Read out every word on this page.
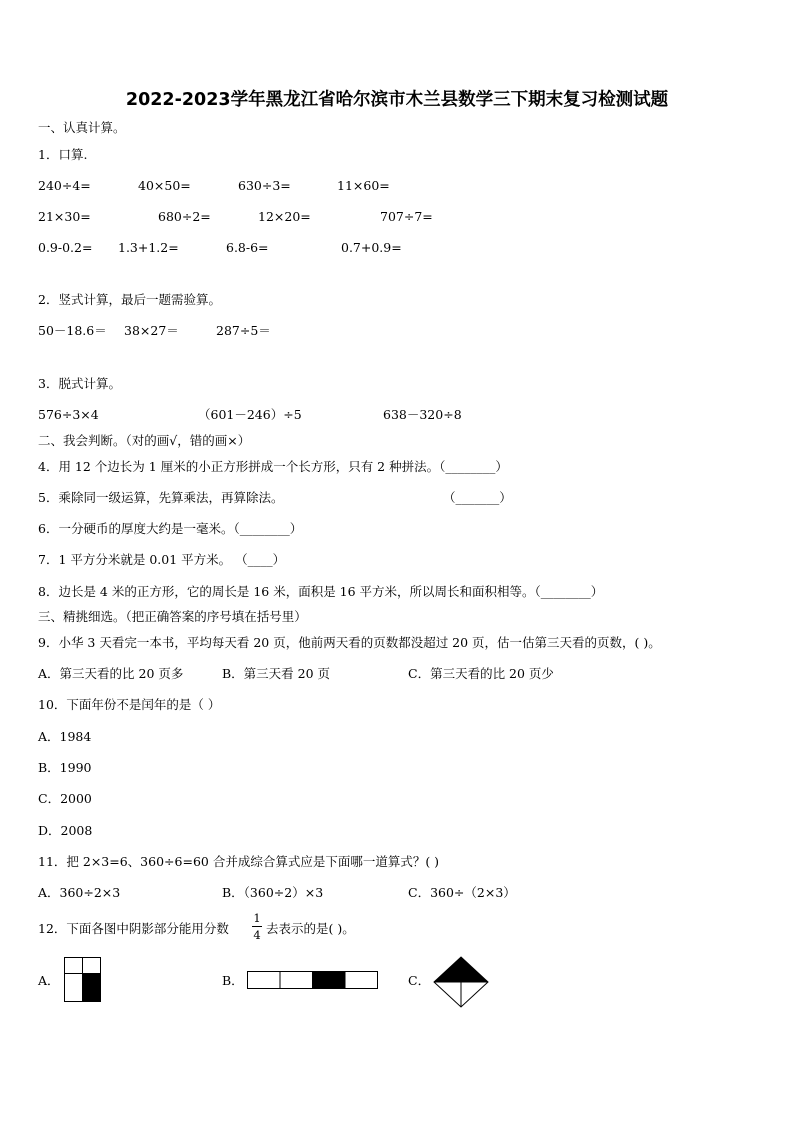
2022-2023学年黑龙江省哈尔滨市木兰县数学三下期末复习检测试题
一、认真计算。
1．口算.
240÷4=	40×50=	630÷3=	11×60=
21×30=	680÷2=	12×20=	707÷7=
0.9-0.2= 1.3+1.2=	6.8-6=	0.7+0.9=
2．竖式计算，最后一题需验算。
50－18.6＝ 38×27＝	287÷5＝
3．脱式计算。
576÷3×4	（601－246）÷5	638－320÷8
二、我会判断。（对的画√，错的画×）
4．用 12 个边长为 1 厘米的小正方形拼成一个长方形，只有 2 种拼法。（________）
5．乘除同一级运算，先算乘法，再算除法。	（_______）
6．一分硬币的厚度大约是一毫米。（________）
7．1 平方分米就是 0.01 平方米。 （____）
8．边长是 4 米的正方形，它的周长是 16 米，面积是 16 平方米，所以周长和面积相等。（________）
三、精挑细选。（把正确答案的序号填在括号里）
9．小华 3 天看完一本书，平均每天看 20 页，他前两天看的页数都没超过 20 页，估一估第三天看的页数，( )。
A．第三天看的比 20 页多	B．第三天看 20 页	C．第三天看的比 20 页少
10．下面年份不是闰年的是（ ）
A．1984
B．1990
C．2000
D．2008
11．把 2×3=6、360÷6=60 合并成综合算式应是下面哪一道算式？( )
A．360÷2×3	B．（360÷2）×3	C．360÷（2×3）
12．下面各图中阴影部分能用分数
1
4 去表示的是( )。
A．	B．	C．
